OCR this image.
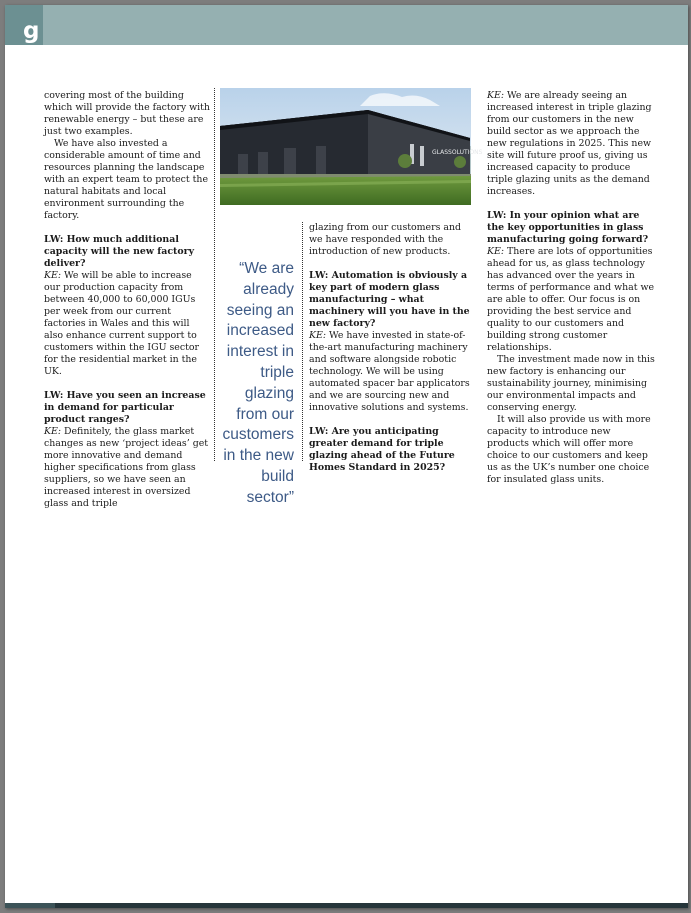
g

covering most of the building which will provide the factory with renewable energy – but these are just two examples.

We have also invested a considerable amount of time and resources planning the landscape with an expert team to protect the natural habitats and local environment surrounding the factory.

LW: How much additional capacity will the new factory deliver?

KE: We will be able to increase our production capacity from between 40,000 to 60,000 IGUs per week from our current factories in Wales and this will also enhance current support to customers within the IGU sector for the residential market in the UK.

LW: Have you seen an increase in demand for particular product ranges?

KE: Definitely, the glass market changes as new ‘project ideas’ get more innovative and demand higher specifications from glass suppliers, so we have seen an increased interest in oversized glass and triple

GLASSOLUTIONS
“We are already seeing an increased interest in triple glazing from our customers in the new build sector”

glazing from our customers and we have responded with the introduction of new products.

LW: Automation is obviously a key part of modern glass manufacturing – what machinery will you have in the new factory?

KE: We have invested in state-of-the-art manufacturing machinery and software alongside robotic technology. We will be using automated spacer bar applicators and we are sourcing new and innovative solutions and systems.

LW: Are you anticipating greater demand for triple glazing ahead of the Future Homes Standard in 2025?

KE: We are already seeing an increased interest in triple glazing from our customers in the new build sector as we approach the new regulations in 2025. This new site will future proof us, giving us increased capacity to produce triple glazing units as the demand increases.

LW: In your opinion what are the key opportunities in glass manufacturing going forward?

KE: There are lots of opportunities ahead for us, as glass technology has advanced over the years in terms of performance and what we are able to offer. Our focus is on providing the best service and quality to our customers and building strong customer relationships.

The investment made now in this new factory is enhancing our sustainability journey, minimising our environmental impacts and conserving energy.

It will also provide us with more capacity to introduce new products which will offer more choice to our customers and keep us as the UK’s number one choice for insulated glass units.
